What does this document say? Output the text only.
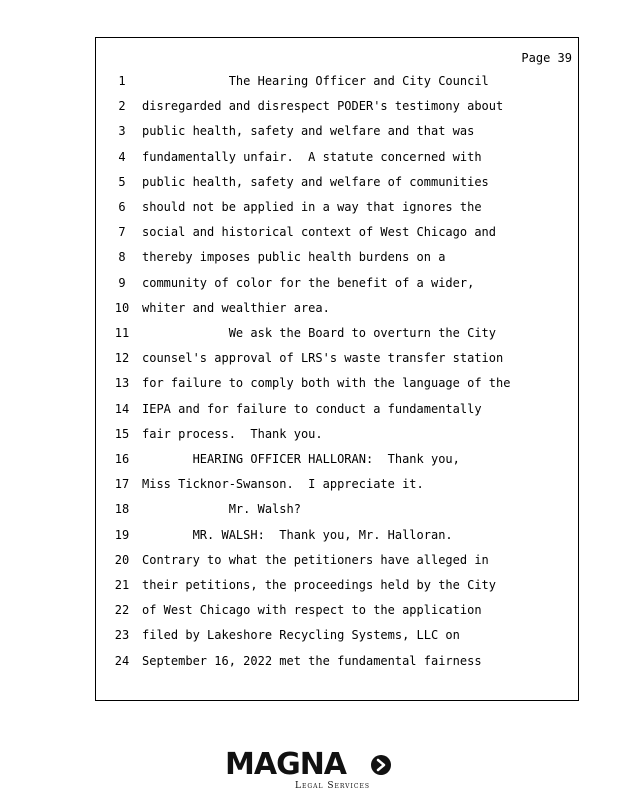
Page 39
1	The Hearing Officer and City Council
2	disregarded and disrespect PODER's testimony about
3	public health, safety and welfare and that was
4	fundamentally unfair.  A statute concerned with
5	public health, safety and welfare of communities
6	should not be applied in a way that ignores the
7	social and historical context of West Chicago and
8	thereby imposes public health burdens on a
9	community of color for the benefit of a wider,
10	whiter and wealthier area.
11	We ask the Board to overturn the City
12	counsel's approval of LRS's waste transfer station
13	for failure to comply both with the language of the
14	IEPA and for failure to conduct a fundamentally
15	fair process.  Thank you.
16	HEARING OFFICER HALLORAN:  Thank you,
17	Miss Ticknor-Swanson.  I appreciate it.
18	Mr. Walsh?
19	MR. WALSH:  Thank you, Mr. Halloran.
20	Contrary to what the petitioners have alleged in
21	their petitions, the proceedings held by the City
22	of West Chicago with respect to the application
23	filed by Lakeshore Recycling Systems, LLC on
24	September 16, 2022 met the fundamental fairness
MAGNA
Legal Services
